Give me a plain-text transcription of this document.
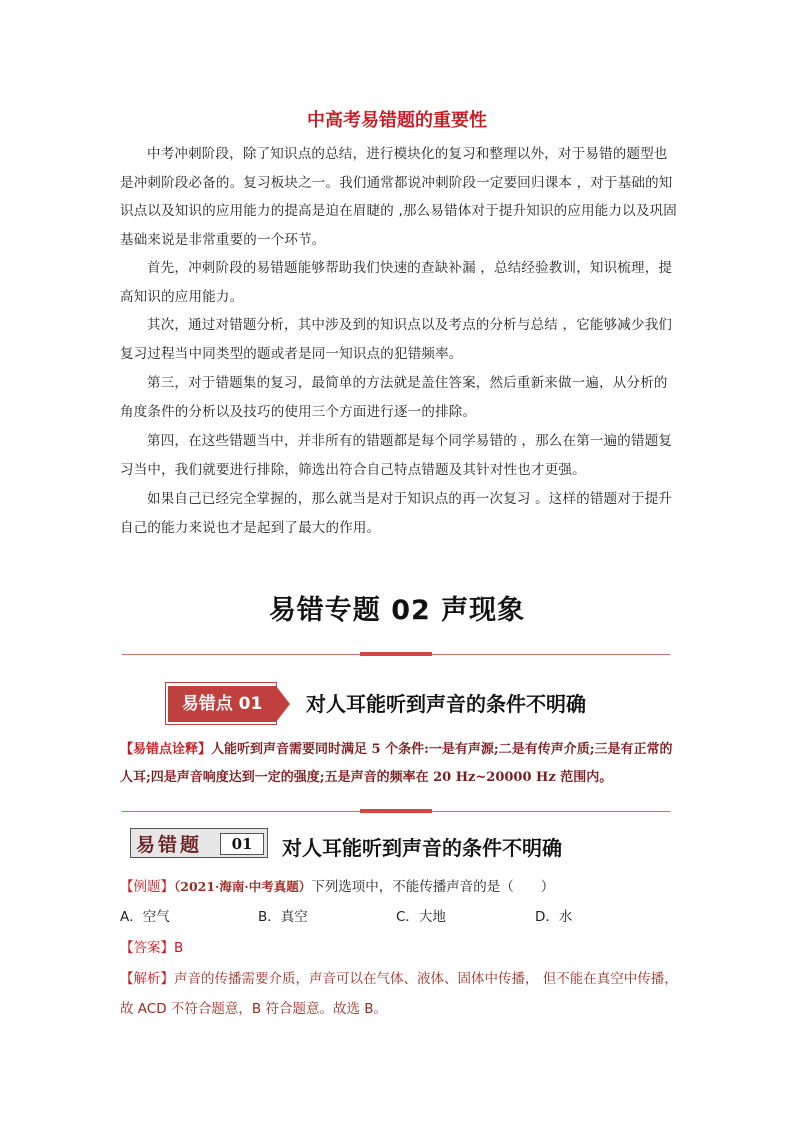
中高考易错题的重要性

中考冲刺阶段，除了知识点的总结，进行模块化的复习和整理以外，对于易错的题型也是冲刺阶段必备的。复习板块之一。我们通常都说冲刺阶段一定要回归课本 ，对于基础的知识点以及知识的应用能力的提高是迫在眉睫的 ,那么易错体对于提升知识的应用能力以及巩固基础来说是非常重要的一个环节。

首先，冲刺阶段的易错题能够帮助我们快速的查缺补漏 ，总结经验教训，知识梳理，提高知识的应用能力。

其次，通过对错题分析，其中涉及到的知识点以及考点的分析与总结 ，它能够减少我们复习过程当中同类型的题或者是同一知识点的犯错频率。

第三，对于错题集的复习，最简单的方法就是盖住答案，然后重新来做一遍，从分析的角度条件的分析以及技巧的使用三个方面进行逐一的排除。

第四，在这些错题当中，并非所有的错题都是每个同学易错的 ，那么在第一遍的错题复习当中，我们就要进行排除，筛选出符合自己特点错题及其针对性也才更强。

如果自己已经完全掌握的，那么就当是对于知识点的再一次复习 。这样的错题对于提升自己的能力来说也才是起到了最大的作用。

易错专题 02 声现象
易错点 01	对人耳能听到声音的条件不明确

【易错点诠释】人能听到声音需要同时满足 5 个条件:一是有声源;二是有传声介质;三是有正常的人耳;四是声音响度达到一定的强度;五是声音的频率在 20 Hz~20000 Hz 范围内。

易错题	01	对人耳能听到声音的条件不明确
【例题】（2021·海南·中考真题）下列选项中，不能传播声音的是（　　）
A．空气	B．真空	C．大地	D．水
【答案】B

【解析】声音的传播需要介质，声音可以在气体、液体、固体中传播， 但不能在真空中传播，故 ACD 不符合题意，B 符合题意。故选 B。
